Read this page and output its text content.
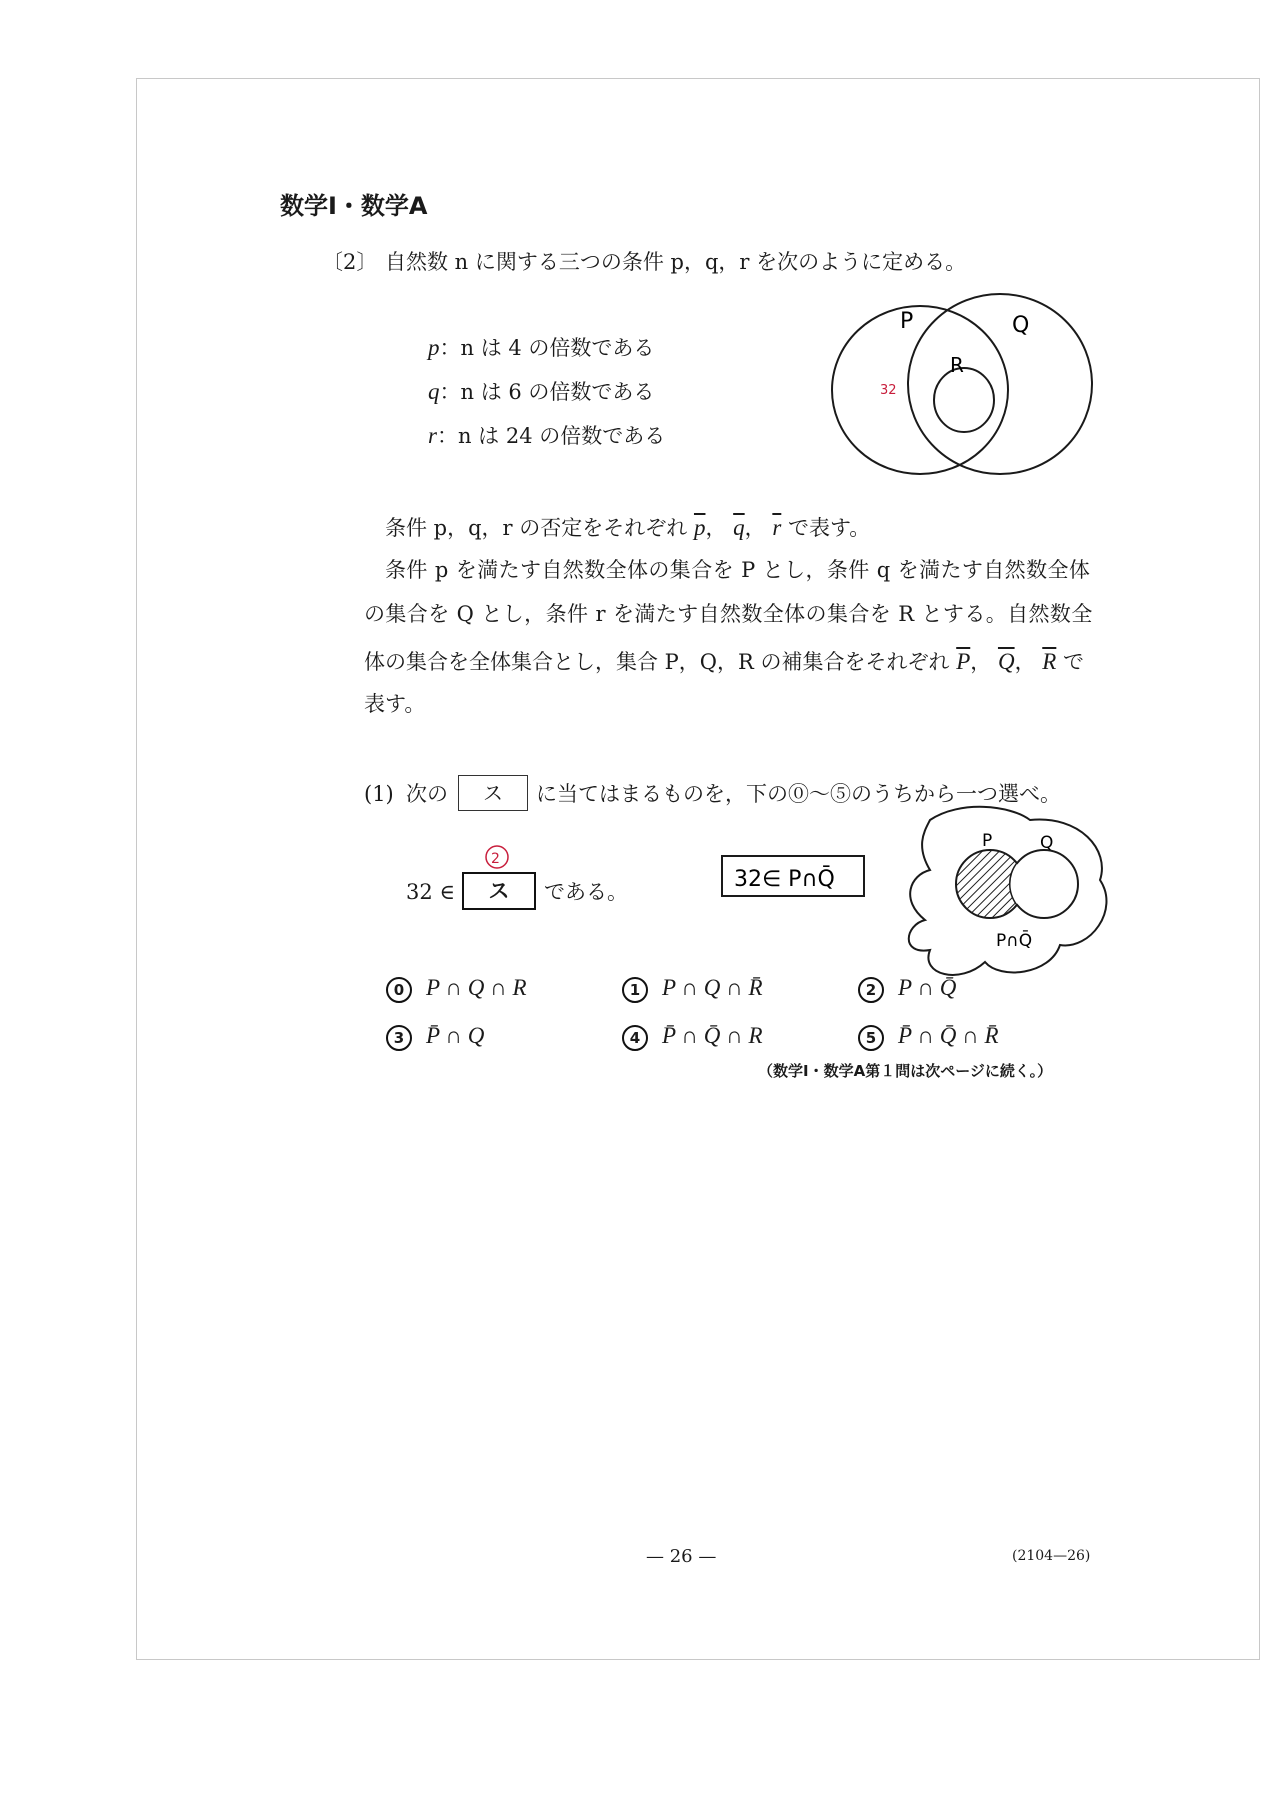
数学Ⅰ・数学A
〔2〕 自然数 n に関する三つの条件 p，q，r を次のように定める。
p：n は 4 の倍数である
q：n は 6 の倍数である
r：n は 24 の倍数である
条件 p，q，r の否定をそれぞれ $\overline{p}$， $\overline{q}$， $\overline{r}$ で表す。
条件 p を満たす自然数全体の集合を P とし，条件 q を満たす自然数全体
の集合を Q とし，条件 r を満たす自然数全体の集合を R とする。自然数全
体の集合を全体集合とし，集合 P，Q，R の補集合をそれぞれ $\overline{P}$， $\overline{Q}$， $\overline{R}$ で
表す。
(1) 次の	ス	に当てはまるものを，下の⓪～⑤のうちから一つ選べ。
32 ∈	ス	である。
0 P ∩ Q ∩ R	1 P ∩ Q ∩ R̄	2 P ∩ Q̄
3 P̄ ∩ Q	4 P̄ ∩ Q̄ ∩ R	5 P̄ ∩ Q̄ ∩ R̄
（数学Ⅰ・数学A第１問は次ページに続く。）
P	Q
R
32
2
32∈ P∩Q̄
P	Q
P∩Q̄
— 26 —	(2104—26)
